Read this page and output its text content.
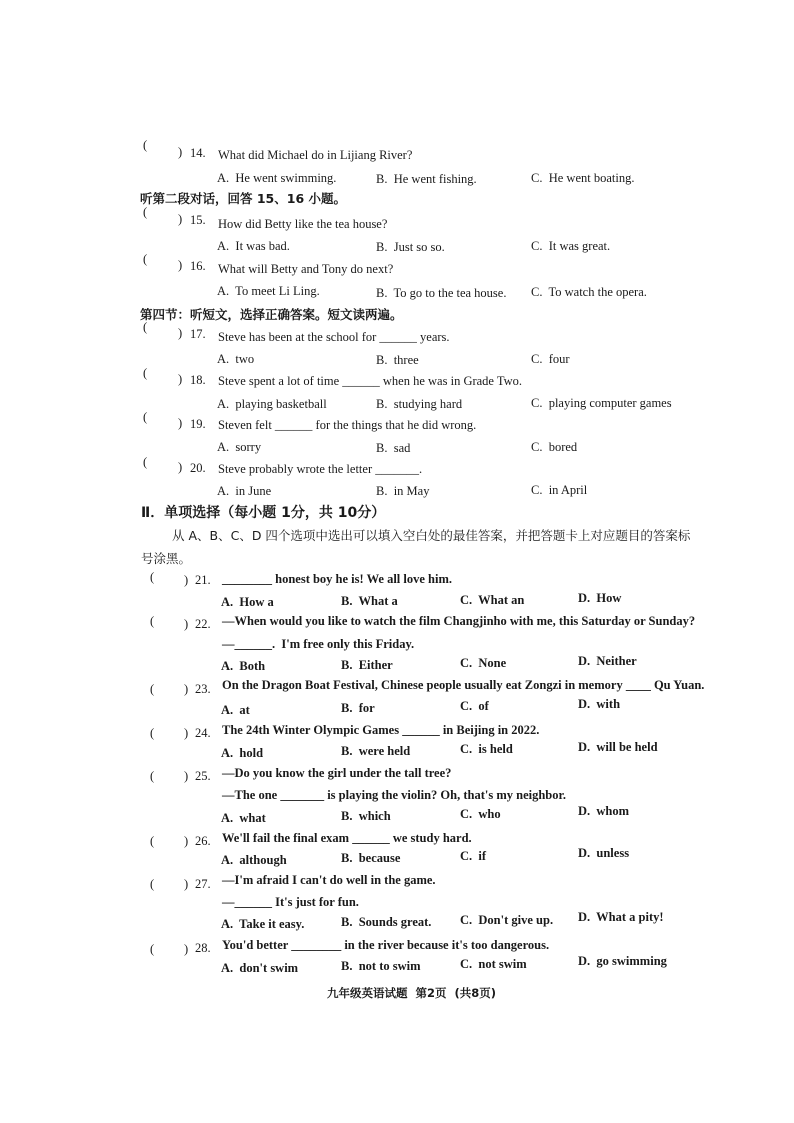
( ) 14. What did Michael do in Lijiang River?
A.  He went swimming.	B.  He went fishing.	C.  He went boating.
听第二段对话，回答 15、16 小题。
( ) 15. How did Betty like the tea house?
A.  It was bad.	B.  Just so so.	C.  It was great.
( ) 16. What will Betty and Tony do next?
A.  To meet Li Ling.	B.  To go to the tea house. C.  To watch the opera.
第四节：听短文，选择正确答案。短文读两遍。
( ) 17. Steve has been at the school for ______ years.
A.  two	B.  three	C.  four
( ) 18. Steve spent a lot of time ______ when he was in Grade Two.
A.  playing basketball	B.  studying hard	C.  playing computer games
( ) 19. Steven felt ______ for the things that he did wrong.
A.  sorry	B.  sad	C.  bored
( ) 20. Steve probably wrote the letter _______.
A.  in June	B.  in May	C.  in April
Ⅱ．单项选择（每小题 1分，共 10分）
从 A、B、C、D 四个选项中选出可以填入空白处的最佳答案，并把答题卡上对应题目的答案标
号涂黑。
( ) 21. ________ honest boy he is! We all love him.
A.  How a	B.  What a	C.  What an	D.  How
( ) 22. —When would you like to watch the film Changjinho with me, this Saturday or Sunday?
—______.  I'm free only this Friday.
A.  Both	B.  Either	C.  None	D.  Neither
( ) 23. On the Dragon Boat Festival, Chinese people usually eat Zongzi in memory ____ Qu Yuan.
A.  at	B.  for	C.  of	D.  with
( ) 24. The 24th Winter Olympic Games ______ in Beijing in 2022.
A.  hold	B.  were held	C.  is held	D.  will be held
( ) 25. —Do you know the girl under the tall tree?
—The one _______ is playing the violin? Oh, that's my neighbor.
A.  what	B.  which	C.  who	D.  whom
( ) 26. We'll fail the final exam ______ we study hard.
A.  although	B.  because	C.  if	D.  unless
( ) 27. —I'm afraid I can't do well in the game.
—______ It's just for fun.
A.  Take it easy.	B.  Sounds great. C.  Don't give up. D.  What a pity!
( ) 28. You'd better ________ in the river because it's too dangerous.
A.  don't swim	B.  not to swim	C.  not swim	D.  go swimming
九年级英语试题  第2页  (共8页)
